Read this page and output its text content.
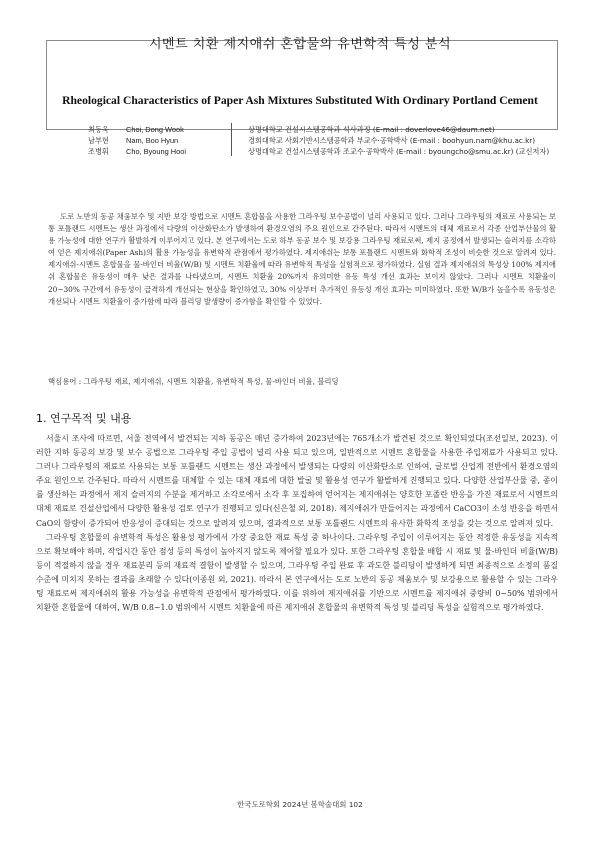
시멘트 치환 제지애쉬 혼합물의 유변학적 특성 분석
Rheological Characteristics of Paper Ash Mixtures Substituted With Ordinary Portland Cement
최동욱 Choi, Dong Wook	상명대학교 건설시스템공학과 석사과정 (E-mail : doverlove46@daum.net)
남부현 Nam, Boo Hyun	경희대학교 사회기반시스템공학과 부교수·공학박사 (E-mail : boohyun.nam@khu.ac.kr)
조병휘 Cho, Byoung Hooi	상명대학교 건설시스템공학과 조교수·공학박사 (E-mail : byoungcho@smu.ac.kr) (교신저자)

도로 노반의 동공 채움보수 및 지반 보강 방법으로 시멘트 혼합물을 사용한 그라우팅 보수공법이 널리 사용되고 있다. 그러나 그라우팅의 재료로 사용되는 보통 포틀랜드 시멘트는 생산 과정에서 다량의 이산화탄소가 발생하여 환경오염의 주요 원인으로 간주된다. 따라서 시멘트의 대체 재료로서 각종 산업부산물의 활용 가능성에 대한 연구가 활발하게 이루어지고 있다. 본 연구에서는 도로 하부 동공 보수 및 보강용 그라우팅 재료로써, 제지 공정에서 발생되는 슬러지를 소각하여 얻은 제지애쉬(Paper Ash)의 활용 가능성을 유변학적 관점에서 평가하였다. 제지애쉬는 보통 포틀랜드 시멘트와 화학적 조성이 비슷한 것으로 알려져 있다. 제지애쉬-시멘트 혼합물을 물-바인더 비율(W/B) 및 시멘트 치환율에 따라 유변학적 특성을 실험적으로 평가하였다. 실험 결과 제지애쉬의 특성상 100% 제지애쉬 혼합물은 유동성이 매우 낮은 결과를 나타냈으며, 시멘트 치환율 20%까지 유의미한 유동 특성 개선 효과는 보이지 않았다. 그러나 시멘트 치환율이 20~30% 구간에서 유동성이 급격하게 개선되는 현상을 확인하였고, 30% 이상부터 추가적인 유동성 개선 효과는 미미하였다. 또한 W/B가 높을수록 유동성은 개선되나 시멘트 치환율이 증가함에 따라 블리딩 발생량이 증가함을 확인할 수 있었다.

핵심용어 : 그라우팅 재료, 제지애쉬, 시멘트 치환율, 유변학적 특성, 물-바인더 비율, 블리딩
1. 연구목적 및 내용

서울시 조사에 따르면, 서울 전역에서 발견되는 지하 동공은 매년 증가하여 2023년에는 765개소가 발견된 것으로 확인되었다(조선일보, 2023). 이러한 지하 동공의 보강 및 보수 공법으로 그라우팅 주입 공법이 널리 사용 되고 있으며, 일반적으로 시멘트 혼합물을 사용한 주입재료가 사용되고 있다. 그러나 그라우팅의 재료로 사용되는 보통 포틀랜드 시멘트는 생산 과정에서 발생되는 다량의 이산화탄소로 인하여, 글로벌 산업계 전반에서 환경오염의 주요 원인으로 간주된다. 따라서 시멘트를 대체할 수 있는 대체 재료에 대한 발굴 및 활용성 연구가 활발하게 진행되고 있다. 다양한 산업부산물 중, 종이를 생산하는 과정에서 제지 슬러지의 수분을 제거하고 소각로에서 소각 후 포집하여 얻어지는 제지애쉬는 양호한 포졸란 반응을 가진 재료로서 시멘트의 대체 재료로 건설산업에서 다양한 활용성 검토 연구가 진행되고 있다(신은철 외, 2018). 제지애쉬가 만들어지는 과정에서 CaCO3이 소성 반응을 하면서 CaO의 함량이 증가되어 반응성이 증대되는 것으로 알려져 있으며, 결과적으로 보통 포틀랜드 시멘트의 유사한 화학적 조성을 갖는 것으로 알려져 있다.

그라우팅 혼합물의 유변학적 특성은 활용성 평가에서 가장 중요한 재료 특성 중 하나이다. 그라우팅 주입이 이루어지는 동안 적정한 유동성을 지속적으로 확보해야 하며, 작업시간 동안 점성 등의 특성이 높아지지 않도록 제어할 필요가 있다. 또한 그라우팅 혼합물 배합 시 재료 및 물-바인더 비율(W/B) 등이 적절하지 않을 경우 재료분리 등의 재료적 결함이 발생할 수 있으며, 그라우팅 주입 완료 후 과도한 블리딩이 발생하게 되면 최종적으로 소정의 품질 수준에 미치지 못하는 결과를 초래할 수 있다(이종원 외, 2021). 따라서 본 연구에서는 도로 노반의 동공 채움보수 및 보강용으로 활용할 수 있는 그라우팅 재료로써 제지애쉬의 활용 가능성을 유변학적 관점에서 평가하였다. 이를 위하여 제지애쉬를 기반으로 시멘트를 제지애쉬 중량비 0~50% 범위에서 치환한 혼합물에 대하여, W/B 0.8~1.0 범위에서 시멘트 치환율에 따른 제지애쉬 혼합물의 유변학적 특성 및 블리딩 특성을 실험적으로 평가하였다.

한국도로학회 2024년 봄학술대회 102
